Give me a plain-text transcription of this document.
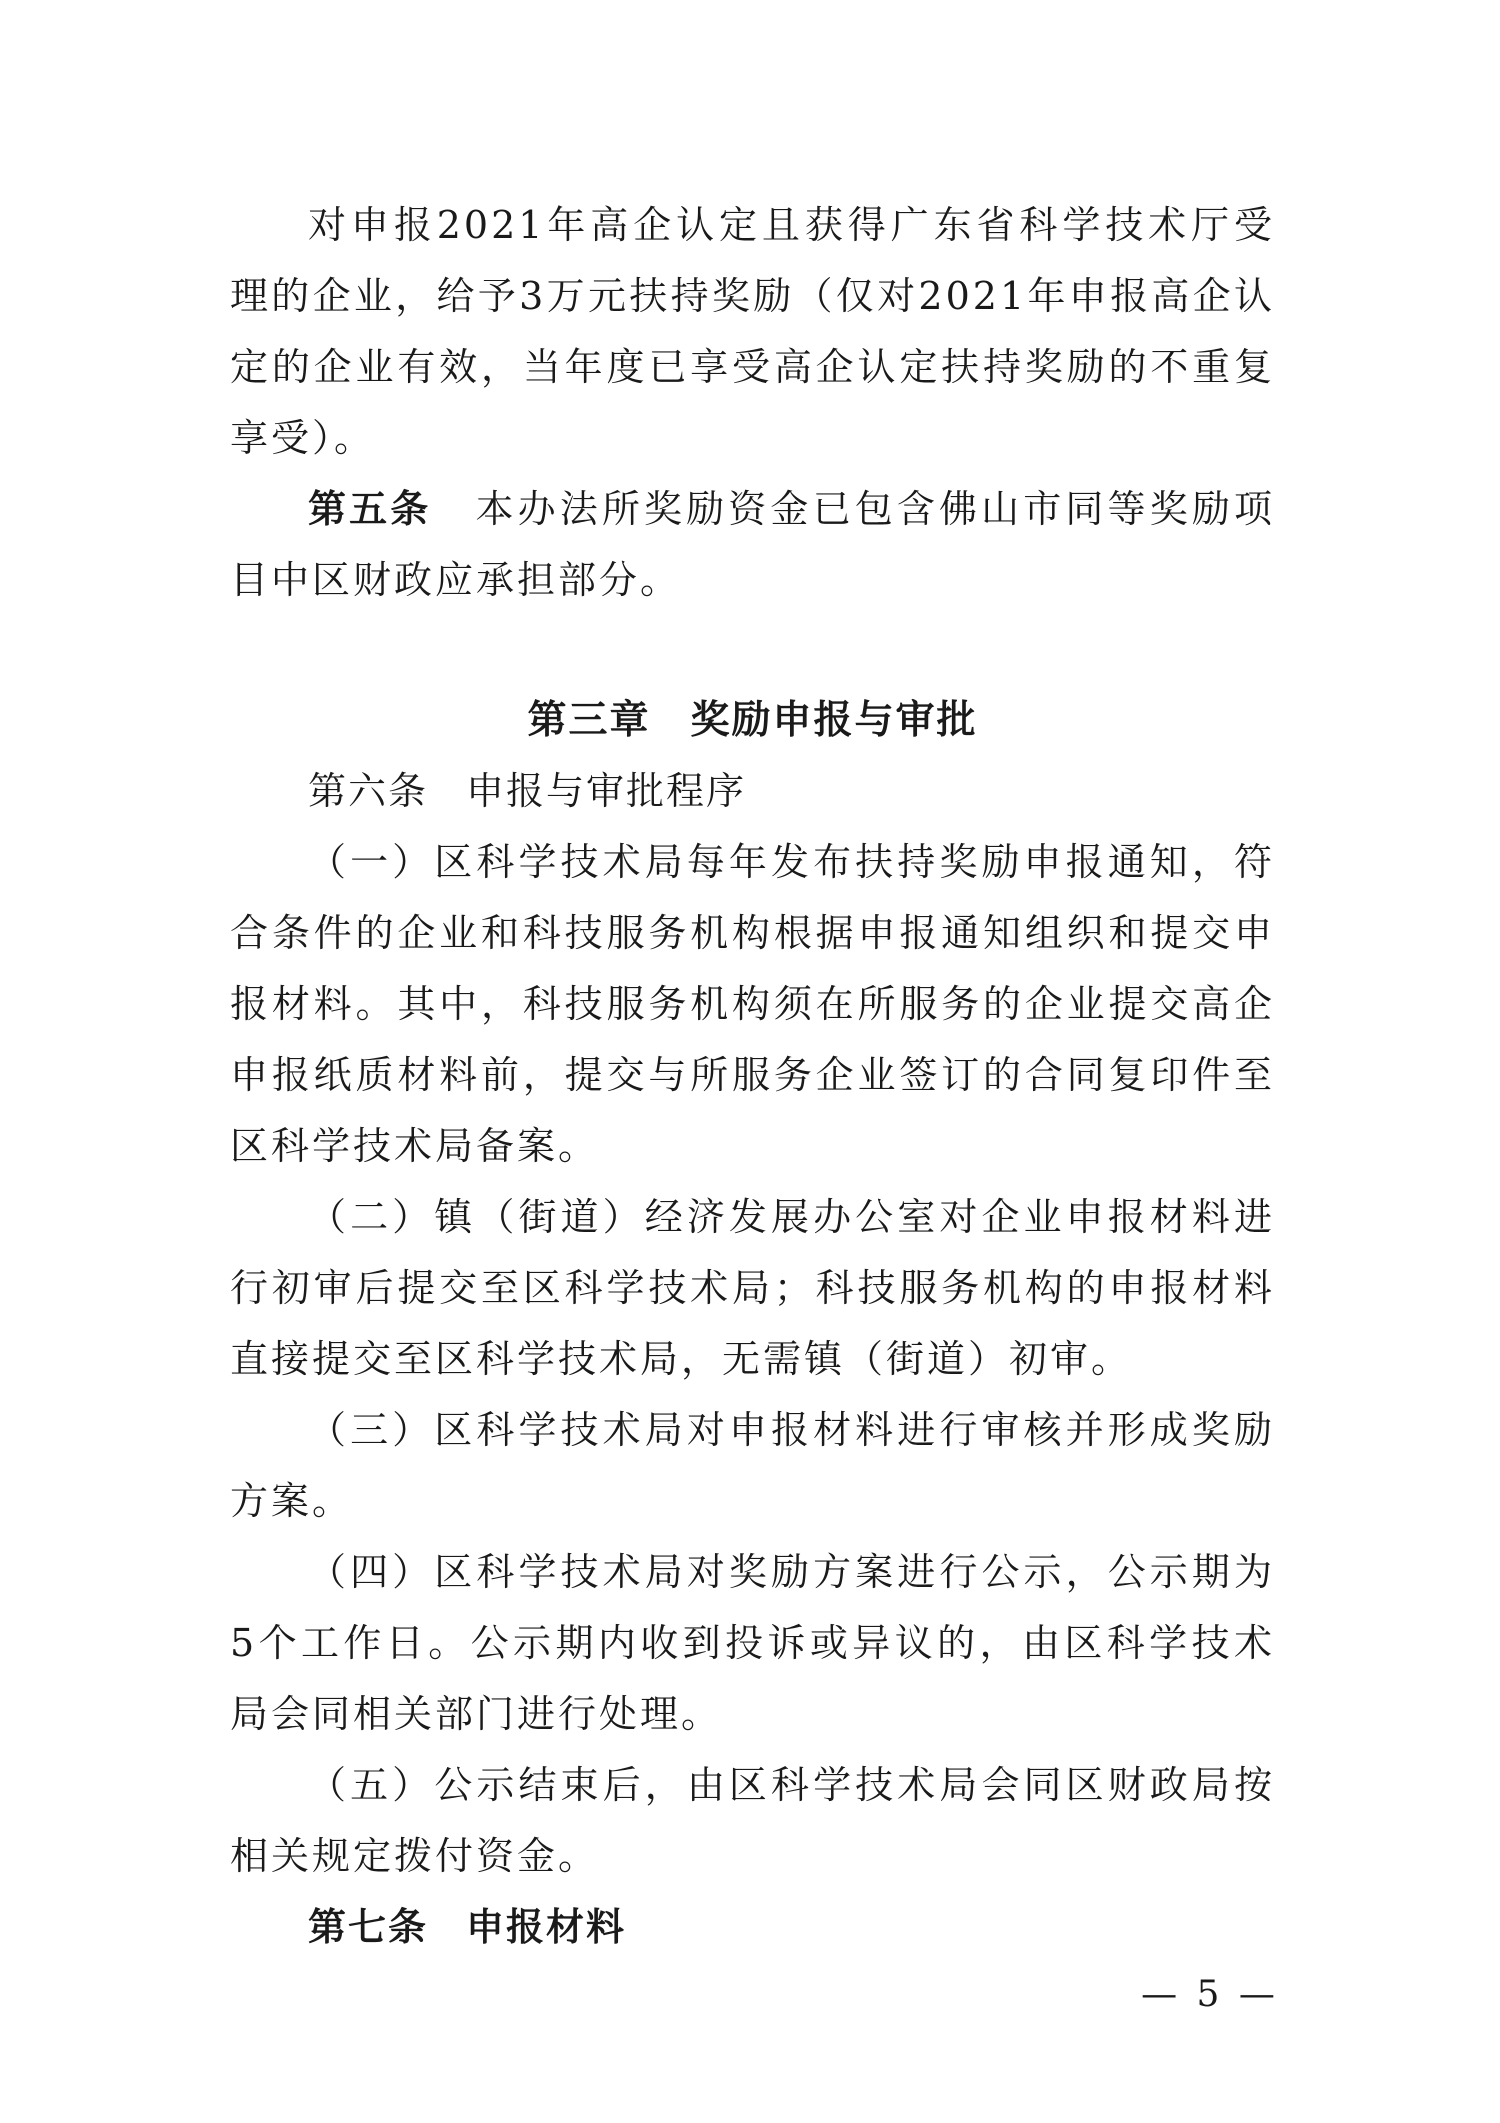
对申报2021年高企认定且获得广东省科学技术厅受理的企业，给予3万元扶持奖励（仅对2021年申报高企认定的企业有效，当年度已享受高企认定扶持奖励的不重复享受）。

第五条 本办法所奖励资金已包含佛山市同等奖励项目中区财政应承担部分。

第三章 奖励申报与审批

第六条 申报与审批程序

（一）区科学技术局每年发布扶持奖励申报通知，符合条件的企业和科技服务机构根据申报通知组织和提交申报材料。其中，科技服务机构须在所服务的企业提交高企申报纸质材料前，提交与所服务企业签订的合同复印件至区科学技术局备案。

（二）镇（街道）经济发展办公室对企业申报材料进行初审后提交至区科学技术局；科技服务机构的申报材料直接提交至区科学技术局，无需镇（街道）初审。

（三）区科学技术局对申报材料进行审核并形成奖励方案。

（四）区科学技术局对奖励方案进行公示，公示期为5个工作日。公示期内收到投诉或异议的，由区科学技术局会同相关部门进行处理。

（五）公示结束后，由区科学技术局会同区财政局按相关规定拨付资金。

第七条 申报材料

— 5 —
